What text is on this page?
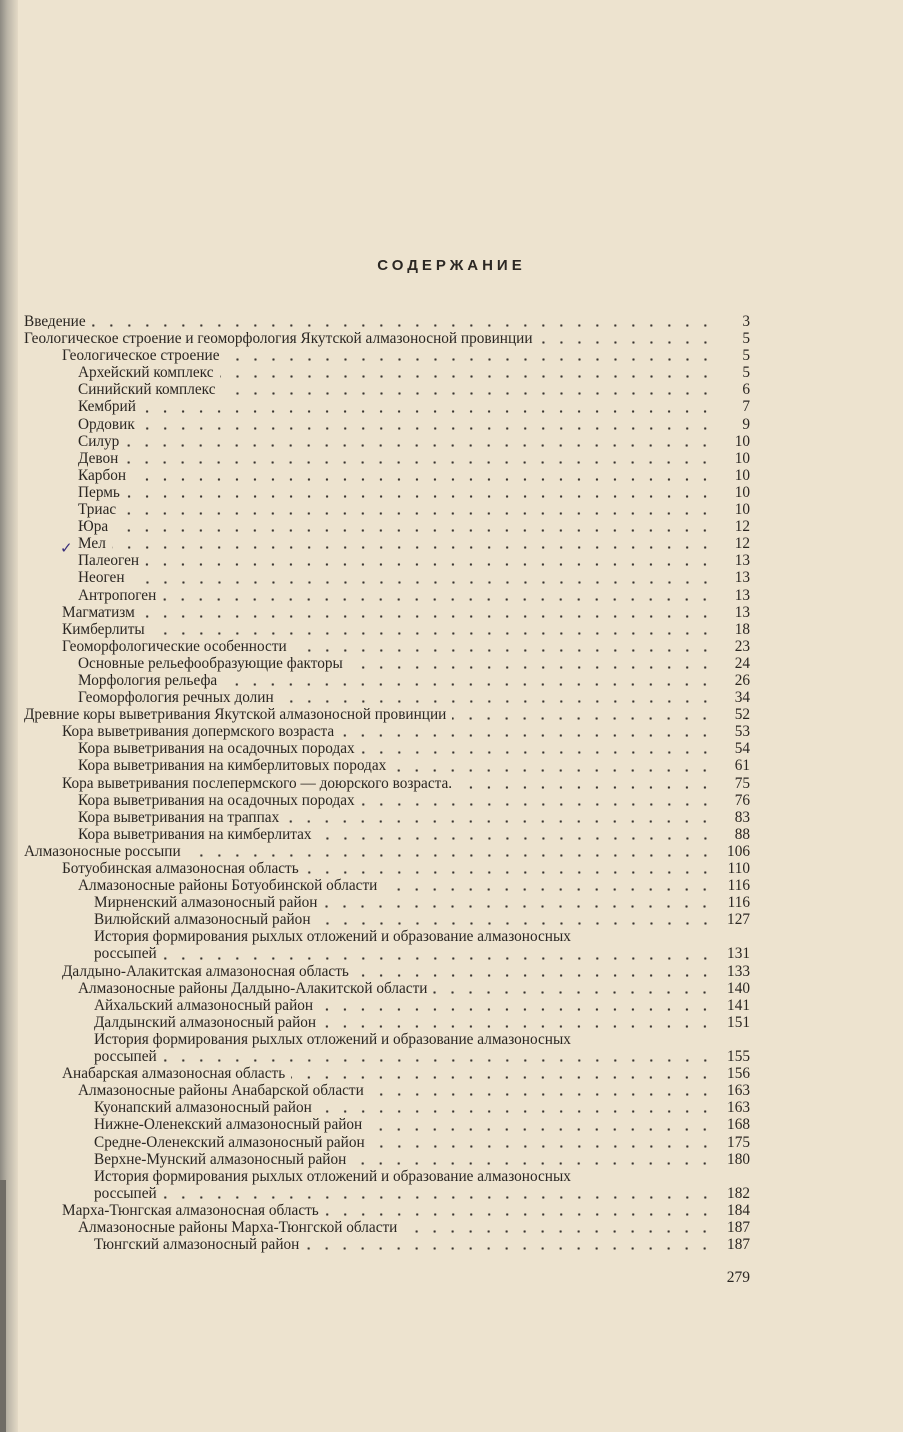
СОДЕРЖАНИЕ
Введение	3
Геологическое строение и геоморфология Якутской алмазоносной провинции	5
Геологическое строение	5
Архейский комплекс	5
Синийский комплекс	6
Кембрий	7
Ордовик	9
Силур	10
Девон	10
Карбон	10
Пермь	10
Триас	10
Юра	12
Мел	12
Палеоген	13
Неоген	13
Антропоген	13
Магматизм	13
Кимберлиты	18
Геоморфологические особенности	23
Основные рельефообразующие факторы	24
Морфология рельефа	26
Геоморфология речных долин	34
Древние коры выветривания Якутской алмазоносной провинции	52
Кора выветривания допермского возраста	53
Кора выветривания на осадочных породах	54
Кора выветривания на кимберлитовых породах	61
Кора выветривания послепермского — доюрского возраста.	75
Кора выветривания на осадочных породах	76
Кора выветривания на траппах	83
Кора выветривания на кимберлитах	88
Алмазоносные россыпи	106
Ботуобинская алмазоносная область	110
Алмазоносные районы Ботуобинской области	116
Мирненский алмазоносный район	116
Вилюйский алмазоносный район	127
История формирования рыхлых отложений и образование алмазоносных
россыпей	131
Далдыно-Алакитская алмазоносная область	133
Алмазоносные районы Далдыно-Алакитской области	140
Айхальский алмазоносный район	141
Далдынский алмазоносный район	151
История формирования рыхлых отложений и образование алмазоносных
россыпей	155
Анабарская алмазоносная область	156
Алмазоносные районы Анабарской области	163
Куонапский алмазоносный район	163
Нижне-Оленекский алмазоносный район	168
Средне-Оленекский алмазоносный район	175
Верхне-Мунский алмазоносный район	180
История формирования рыхлых отложений и образование алмазоносных
россыпей	182
Марха-Тюнгская алмазоносная область	184
Алмазоносные районы Марха-Тюнгской области	187
Тюнгский алмазоносный район	187
✓
279
